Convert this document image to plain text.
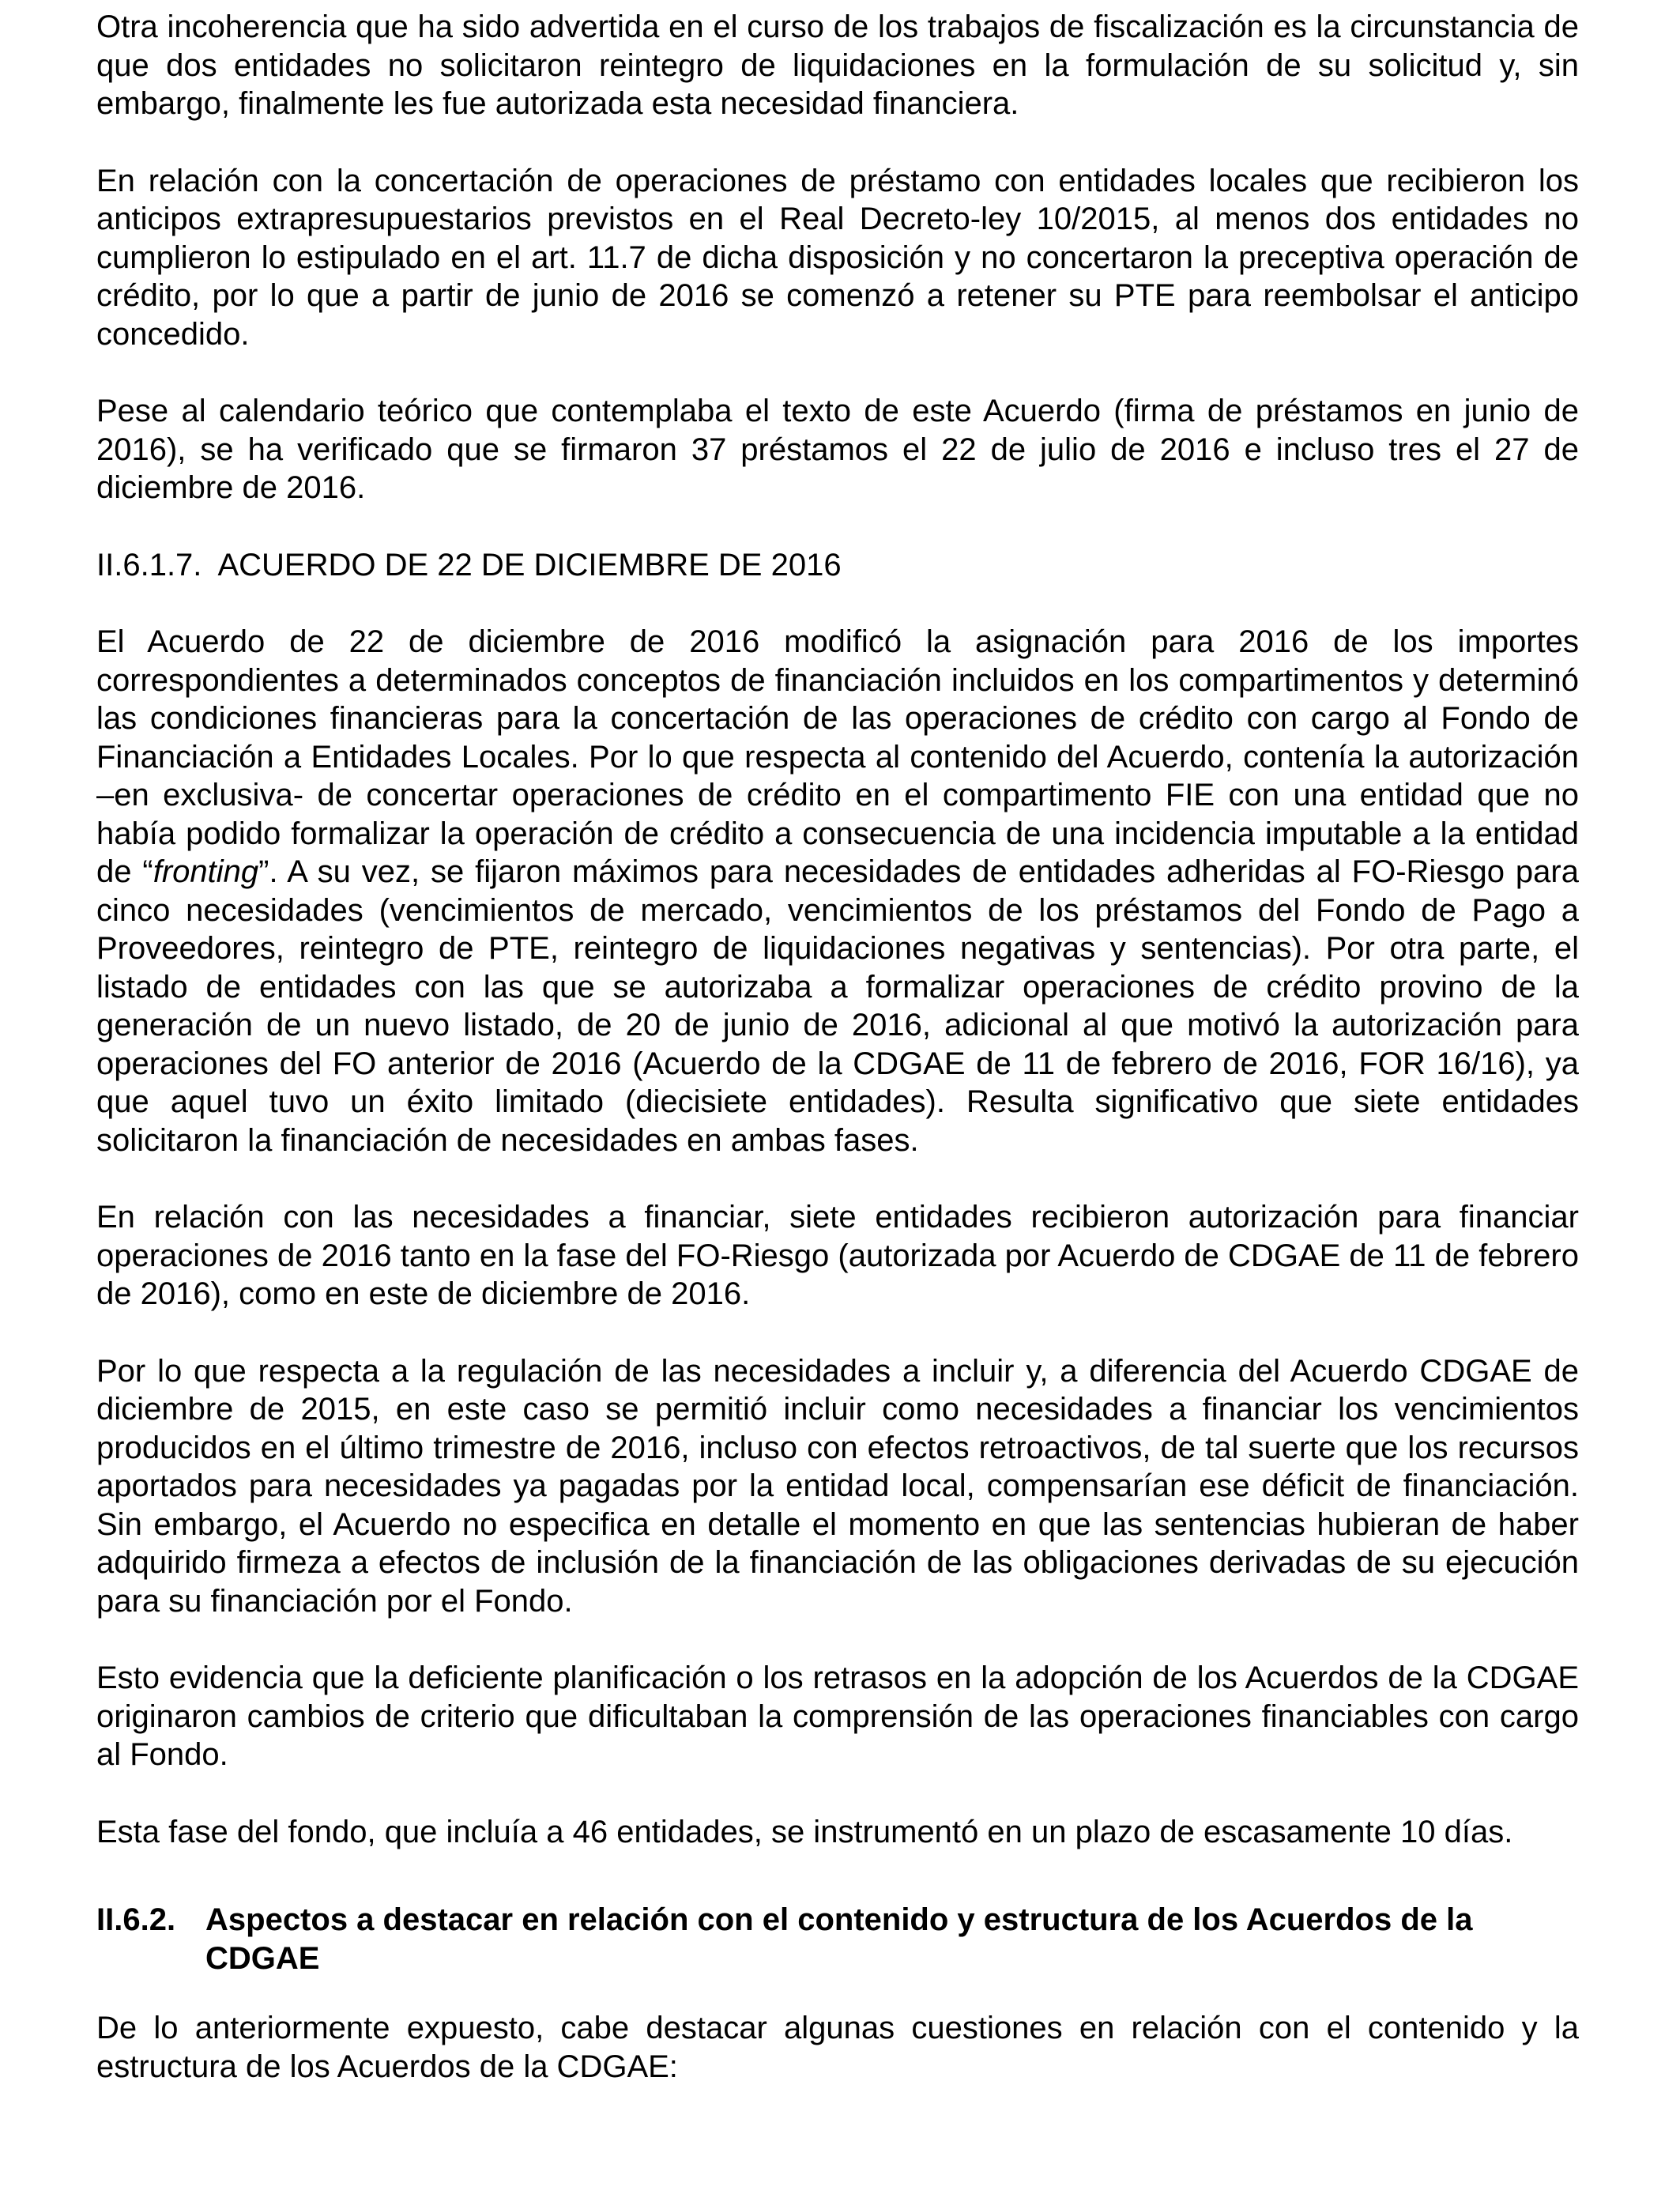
Otra incoherencia que ha sido advertida en el curso de los trabajos de fiscalización es la circunstancia de que dos entidades no solicitaron reintegro de liquidaciones en la formulación de su solicitud y, sin embargo, finalmente les fue autorizada esta necesidad financiera.

En relación con la concertación de operaciones de préstamo con entidades locales que recibieron los anticipos extrapresupuestarios previstos en el Real Decreto-ley 10/2015, al menos dos entidades no cumplieron lo estipulado en el art. 11.7 de dicha disposición y no concertaron la preceptiva operación de crédito, por lo que a partir de junio de 2016 se comenzó a retener su PTE para reembolsar el anticipo concedido.

Pese al calendario teórico que contemplaba el texto de este Acuerdo (firma de préstamos en junio de 2016), se ha verificado que se firmaron 37 préstamos el 22 de julio de 2016 e incluso tres el 27 de diciembre de 2016.

II.6.1.7.  ACUERDO DE 22 DE DICIEMBRE DE 2016

El Acuerdo de 22 de diciembre de 2016 modificó la asignación para 2016 de los importes correspondientes a determinados conceptos de financiación incluidos en los compartimentos y determinó las condiciones financieras para la concertación de las operaciones de crédito con cargo al Fondo de Financiación a Entidades Locales. Por lo que respecta al contenido del Acuerdo, contenía la autorización –en exclusiva- de concertar operaciones de crédito en el compartimento FIE con una entidad que no había podido formalizar la operación de crédito a consecuencia de una incidencia imputable a la entidad de “fronting”. A su vez, se fijaron máximos para necesidades de entidades adheridas al FO-Riesgo para cinco necesidades (vencimientos de mercado, vencimientos de los préstamos del Fondo de Pago a Proveedores, reintegro de PTE, reintegro de liquidaciones negativas y sentencias). Por otra parte, el listado de entidades con las que se autorizaba a formalizar operaciones de crédito provino de la generación de un nuevo listado, de 20 de junio de 2016, adicional al que motivó la autorización para operaciones del FO anterior de 2016 (Acuerdo de la CDGAE de 11 de febrero de 2016, FOR 16/16), ya que aquel tuvo un éxito limitado (diecisiete entidades). Resulta significativo que siete entidades solicitaron la financiación de necesidades en ambas fases.

En relación con las necesidades a financiar, siete entidades recibieron autorización para financiar operaciones de 2016 tanto en la fase del FO-Riesgo (autorizada por Acuerdo de CDGAE de 11 de febrero de 2016), como en este de diciembre de 2016.

Por lo que respecta a la regulación de las necesidades a incluir y, a diferencia del Acuerdo CDGAE de diciembre de 2015, en este caso se permitió incluir como necesidades a financiar los vencimientos producidos en el último trimestre de 2016, incluso con efectos retroactivos, de tal suerte que los recursos aportados para necesidades ya pagadas por la entidad local, compensarían ese déficit de financiación. Sin embargo, el Acuerdo no especifica en detalle el momento en que las sentencias hubieran de haber adquirido firmeza a efectos de inclusión de la financiación de las obligaciones derivadas de su ejecución para su financiación por el Fondo.

Esto evidencia que la deficiente planificación o los retrasos en la adopción de los Acuerdos de la CDGAE originaron cambios de criterio que dificultaban la comprensión de las operaciones financiables con cargo al Fondo.

Esta fase del fondo, que incluía a 46 entidades, se instrumentó en un plazo de escasamente 10 días.

II.6.2. Aspectos a destacar en relación con el contenido y estructura de los Acuerdos de la CDGAE

De lo anteriormente expuesto, cabe destacar algunas cuestiones en relación con el contenido y la estructura de los Acuerdos de la CDGAE:
